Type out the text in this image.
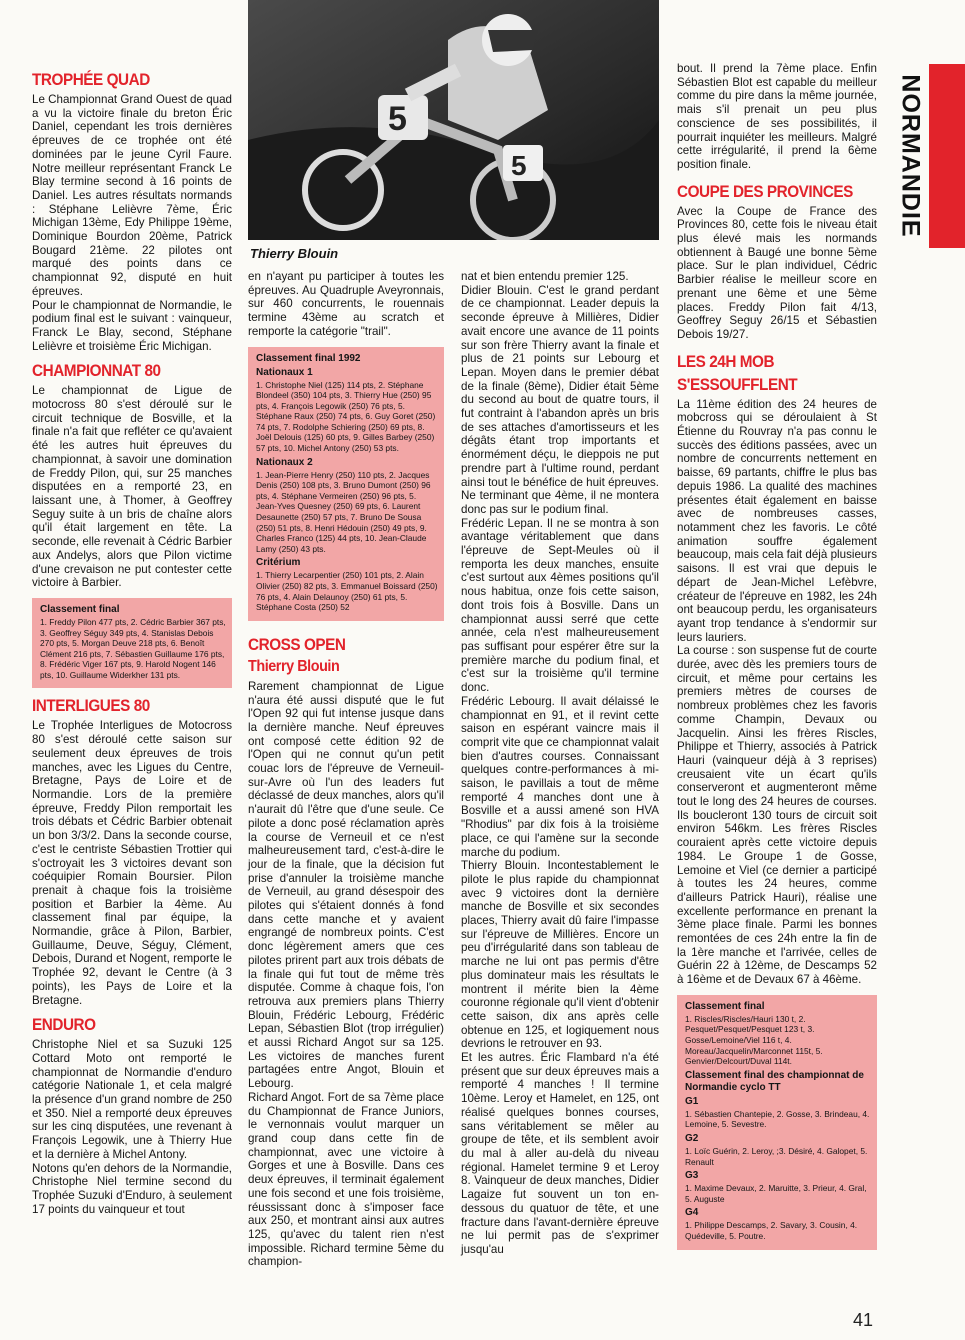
5
5
Thierry Blouin
NORMANDIE
TROPHÉE QUAD

Le Championnat Grand Ouest de quad a vu la victoire finale du breton Éric Daniel, cependant les trois dernières épreuves de ce trophée ont été dominées par le jeune Cyril Faure. Notre meilleur représentant Franck Le Blay termine second à 16 points de Daniel. Les autres résultats normands : Stéphane Lelièvre 7ème, Éric Michigan 13ème, Edy Philippe 19ème, Dominique Bourdon 20ème, Patrick Bougard 21ème. 22 pilotes ont marqué des points dans ce championnat 92, disputé en huit épreuves.

Pour le championnat de Normandie, le podium final est le suivant : vainqueur, Franck Le Blay, second, Stéphane Lelièvre et troisième Éric Michigan.

CHAMPIONNAT 80

Le championnat de Ligue de motocross 80 s'est déroulé sur le circuit technique de Bosville, et la finale n'a fait que refléter ce qu'avaient été les autres huit épreuves du championnat, à savoir une domination de Freddy Pilon, qui, sur 25 manches disputées en a remporté 23, en laissant une, à Thomer, à Geoffrey Seguy suite à un bris de chaîne alors qu'il était largement en tête. La seconde, elle revenait à Cédric Barbier aux Andelys, alors que Pilon victime d'une crevaison ne put contester cette victoire à Barbier.

Classement final

1. Freddy Pilon 477 pts, 2. Cédric Barbier 367 pts, 3. Geoffrey Séguy 349 pts, 4. Stanislas Debois 270 pts, 5. Morgan Deuve 218 pts, 6. Benoît Clément 216 pts, 7. Sébastien Guillaume 176 pts, 8. Frédéric Viger 167 pts, 9. Harold Nogent 146 pts, 10. Guillaume Widerkher 131 pts.

INTERLIGUES 80

Le Trophée Interligues de Motocross 80 s'est déroulé cette saison sur seulement deux épreuves de trois manches, avec les Ligues du Centre, Bretagne, Pays de Loire et de Normandie. Lors de la première épreuve, Freddy Pilon remportait les trois débats et Cédric Barbier obtenait un bon 3/3/2. Dans la seconde course, c'est le centriste Sébastien Trottier qui s'octroyait les 3 victoires devant son coéquipier Romain Boursier. Pilon prenait à chaque fois la troisième position et Barbier la 4ème. Au classement final par équipe, la Normandie, grâce à Pilon, Barbier, Guillaume, Deuve, Séguy, Clément, Debois, Durand et Nogent, remporte le Trophée 92, devant le Centre (à 3 points), les Pays de Loire et la Bretagne.

ENDURO

Christophe Niel et sa Suzuki 125 Cottard Moto ont remporté le championnat de Normandie d'enduro catégorie Nationale 1, et cela malgré la présence d'un grand nombre de 250 et 350. Niel a remporté deux épreuves sur les cinq disputées, une revenant à François Legowik, une à Thierry Hue et la dernière à Michel Antony.

Notons qu'en dehors de la Normandie, Christophe Niel termine second du Trophée Suzuki d'Enduro, à seulement 17 points du vainqueur et tout

en n'ayant pu participer à toutes les épreuves. Au Quadruple Aveyronnais, sur 460 concurrents, le rouennais termine 43ème au scratch et remporte la catégorie "trail".

Classement final 1992
Nationaux 1

1. Christophe Niel (125) 114 pts, 2. Stéphane Blondeel (350) 104 pts, 3. Thierry Hue (250) 95 pts, 4. François Legowik (250) 76 pts, 5. Stéphane Raux (250) 74 pts, 6. Guy Goret (250) 74 pts, 7. Rodolphe Schiering (250) 69 pts, 8. Joël Delouis (125) 60 pts, 9. Gilles Barbey (250) 57 pts, 10. Michel Antony (250) 53 pts.

Nationaux 2

1. Jean-Pierre Henry (250) 110 pts, 2. Jacques Denis (250) 108 pts, 3. Bruno Dumont (250) 96 pts, 4. Stéphane Vermeiren (250) 96 pts, 5. Jean-Yves Quesney (250) 69 pts, 6. Laurent Desaunette (250) 57 pts, 7. Bruno De Sousa (250) 51 pts, 8. Henri Hédouin (250) 49 pts, 9. Charles Franco (125) 44 pts, 10. Jean-Claude Lamy (250) 43 pts.

Critérium

1. Thierry Lecarpentier (250) 101 pts, 2. Alain Olivier (250) 82 pts, 3. Emmanuel Boissard (250) 76 pts, 4. Alain Delaunoy (250) 61 pts, 5. Stéphane Costa (250) 52

CROSS OPEN
Thierry Blouin

Rarement championnat de Ligue n'aura été aussi disputé que le fut l'Open 92 qui fut intense jusque dans la dernière manche. Neuf épreuves ont composé cette édition 92 de l'Open qui ne connut qu'un petit couac lors de l'épreuve de Verneuil-sur-Avre où l'un des leaders fut déclassé de deux manches, alors qu'il n'aurait dû l'être que d'une seule. Ce pilote a donc posé réclamation après la course de Verneuil et ce n'est malheureusement tard, c'est-à-dire le jour de la finale, que la décision fut prise d'annuler la troisième manche de Verneuil, au grand désespoir des pilotes qui s'étaient donnés à fond dans cette manche et y avaient engrangé de nombreux points. C'est donc légèrement amers que ces pilotes prirent part aux trois débats de la finale qui fut tout de même très disputée. Comme à chaque fois, l'on retrouva aux premiers plans Thierry Blouin, Frédéric Lebourg, Frédéric Lepan, Sébastien Blot (trop irrégulier) et aussi Richard Angot sur sa 125. Les victoires de manches furent partagées entre Angot, Blouin et Lebourg.

Richard Angot. Fort de sa 7ème place du Championnat de France Juniors, le vernonnais voulut marquer un grand coup dans cette fin de championnat, avec une victoire à Gorges et une à Bosville. Dans ces deux épreuves, il terminait également une fois second et une fois troisième, réussissant donc à s'imposer face aux 250, et montrant ainsi aux autres 125, qu'avec du talent rien n'est impossible. Richard termine 5ème du champion-

nat et bien entendu premier 125.

Didier Blouin. C'est le grand perdant de ce championnat. Leader depuis la seconde épreuve à Millières, Didier avait encore une avance de 11 points sur son frère Thierry avant la finale et plus de 21 points sur Lebourg et Lepan. Moyen dans le premier débat de la finale (8ème), Didier était 5ème du second au bout de quatre tours, il fut contraint à l'abandon après un bris de ses attaches d'amortisseurs et les dégâts étant trop importants et énormément déçu, le dieppois ne put prendre part à l'ultime round, perdant ainsi tout le bénéfice de huit épreuves. Ne terminant que 4ème, il ne montera donc pas sur le podium final.

Frédéric Lepan. Il ne se montra à son avantage véritablement que dans l'épreuve de Sept-Meules où il remporta les deux manches, ensuite c'est surtout aux 4èmes positions qu'il nous habitua, onze fois cette saison, dont trois fois à Bosville. Dans un championnat aussi serré que cette année, cela n'est malheureusement pas suffisant pour espérer être sur la première marche du podium final, et c'est sur la troisième qu'il termine donc.

Frédéric Lebourg. Il avait délaissé le championnat en 91, et il revint cette saison en espérant vaincre mais il comprit vite que ce championnat valait bien d'autres courses. Connaissant quelques contre-performances à mi-saison, le pavillais a tout de même remporté 4 manches dont une à Bosville et a aussi amené son HVA "Rhodius" par dix fois à la troisième place, ce qui l'amène sur la seconde marche du podium.

Thierry Blouin. Incontestablement le pilote le plus rapide du championnat avec 9 victoires dont la dernière manche de Bosville et six secondes places, Thierry avait dû faire l'impasse sur l'épreuve de Millières. Encore un peu d'irrégularité dans son tableau de marche ne lui ont pas permis d'être plus dominateur mais les résultats le montrent il mérite bien la 4ème couronne régionale qu'il vient d'obtenir cette saison, dix ans après celle obtenue en 125, et logiquement nous devrions le retrouver en 93.

Et les autres. Éric Flambard n'a été présent que sur deux épreuves mais a remporté 4 manches ! Il termine 10ème. Leroy et Hamelet, en 125, ont réalisé quelques bonnes courses, sans véritablement se mêler au groupe de tête, et ils semblent avoir du mal à aller au-delà du niveau régional. Hamelet termine 9 et Leroy 8. Vainqueur de deux manches, Didier Lagaize fut souvent un ton en-dessous du quatuor de tête, et une fracture dans l'avant-dernière épreuve ne lui permit pas de s'exprimer jusqu'au

bout. Il prend la 7ème place. Enfin Sébastien Blot est capable du meilleur comme du pire dans la même journée, mais s'il prenait un peu plus conscience de ses possibilités, il pourrait inquiéter les meilleurs. Malgré cette irrégularité, il prend la 6ème position finale.

COUPE DES PROVINCES

Avec la Coupe de France des Provinces 80, cette fois le niveau était plus élevé mais les normands obtiennent à Baugé une bonne 5ème place. Sur le plan individuel, Cédric Barbier réalise le meilleur score en prenant une 6ème et une 5ème places. Freddy Pilon fait 4/13, Geoffrey Seguy 26/15 et Sébastien Debois 19/27.

LES 24H MOB
S'ESSOUFFLENT

La 11ème édition des 24 heures de mobcross qui se déroulaient à St Étienne du Rouvray n'a pas connu le succès des éditions passées, avec un nombre de concurrents nettement en baisse, 69 partants, chiffre le plus bas depuis 1986. La qualité des machines présentes était également en baisse avec de nombreuses casses, notamment chez les favoris. Le côté animation souffre également beaucoup, mais cela fait déjà plusieurs saisons. Il est vrai que depuis le départ de Jean-Michel Lefèbvre, créateur de l'épreuve en 1982, les 24h ont beaucoup perdu, les organisateurs ayant trop tendance à s'endormir sur leurs lauriers.

La course : son suspense fut de courte durée, avec dès les premiers tours de circuit, et même pour certains les premiers mètres de courses de nombreux problèmes chez les favoris comme Champin, Devaux ou Jacquelin. Ainsi les frères Riscles, Philippe et Thierry, associés à Patrick Hauri (vainqueur déjà à 3 reprises) creusaient vite un écart qu'ils conserveront et augmenteront même tout le long des 24 heures de courses. Ils boucleront 130 tours de circuit soit environ 546km. Les frères Riscles couraient après cette victoire depuis 1984. Le Groupe 1 de Gosse, Lemoine et Viel (ce dernier a participé à toutes les 24 heures, comme d'ailleurs Patrick Hauri), réalise une excellente performance en prenant la 3ème place finale. Parmi les bonnes remontées de ces 24h entre la fin de la 1ère manche et l'arrivée, celles de Guérin 22 à 12ème, de Descamps 52 à 16ème et de Devaux 67 à 46ème.

Classement final

1. Riscles/Riscles/Hauri 130 t, 2. Pesquet/Pesquet/Pesquet 123 t, 3. Gosse/Lemoine/Viel 116 t, 4. Moreau/Jacquelin/Marconnet 115t, 5. Genvier/Delcourt/Duval 114t.

Classement final des championnat de Normandie cyclo TT
G1

1. Sébastien Chantepie, 2. Gosse, 3. Brindeau, 4. Lemoine, 5. Sevestre.

G2

1. Loïc Guérin, 2. Leroy, ;3. Désiré, 4. Galopet, 5. Renault

G3

1. Maxime Devaux, 2. Maruitte, 3. Prieur, 4. Gral, 5. Auguste

G4

1. Philippe Descamps, 2. Savary, 3. Cousin, 4. Quédeville, 5. Poutre.

41
